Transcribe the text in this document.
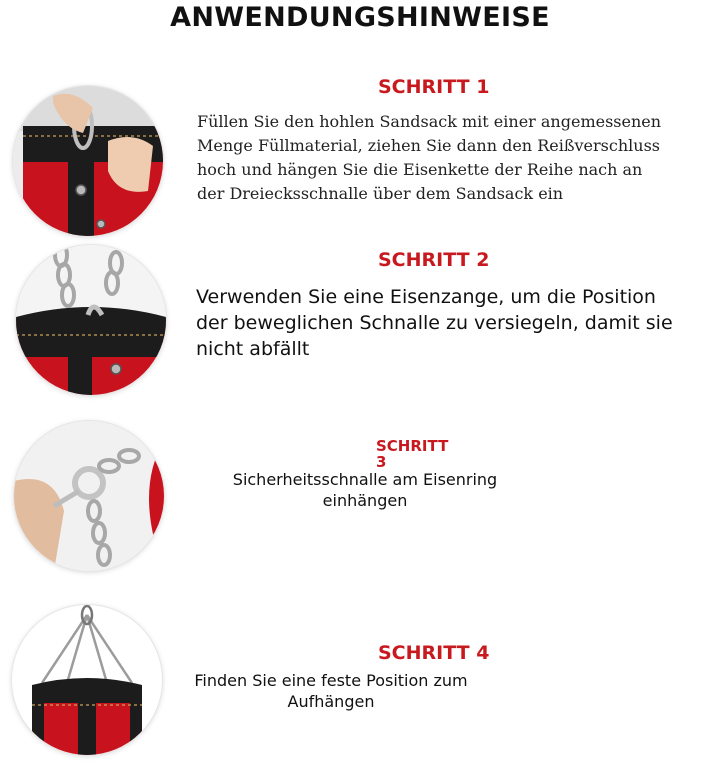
ANWENDUNGSHINWEISE
SCHRITT 1
Füllen Sie den hohlen Sandsack mit einer angemessenen
Menge Füllmaterial, ziehen Sie dann den Reißverschluss
hoch und hängen Sie die Eisenkette der Reihe nach an
der Dreiecksschnalle über dem Sandsack ein
SCHRITT 2
Verwenden Sie eine Eisenzange, um die Position
der beweglichen Schnalle zu versiegeln, damit sie
nicht abfällt
SCHRITT
3
Sicherheitsschnalle am Eisenring
einhängen
SCHRITT 4
Finden Sie eine feste Position zum
Aufhängen
